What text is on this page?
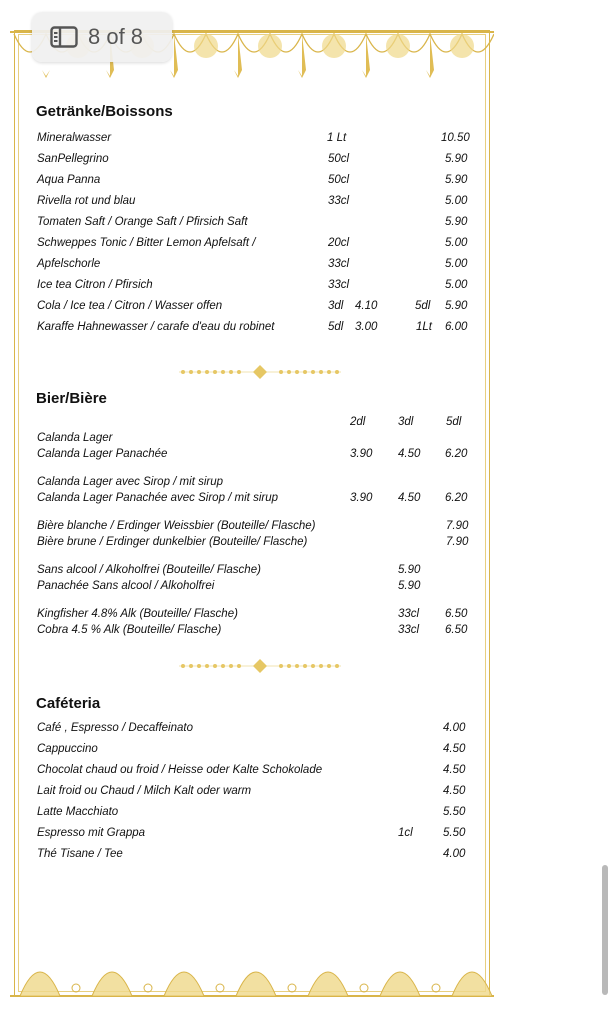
8 of 8
Getränke/Boissons
Mineralwasser	1 Lt	10.50
SanPellegrino	50cl	5.90
Aqua Panna	50cl	5.90
Rivella rot und blau	33cl	5.00
Tomaten Saft / Orange Saft / Pfirsich Saft	5.90
Schweppes Tonic / Bitter Lemon Apfelsaft /	20cl	5.00
Apfelschorle	33cl	5.00
Ice tea Citron / Pfirsich	33cl	5.00
Cola / Ice tea / Citron / Wasser offen	3dl 4.10	5dl 5.90
Karaffe Hahnewasser / carafe d'eau du robinet	5dl 3.00	1Lt 6.00
Bier/Bière
2dl	3dl	5dl
Calanda Lager
Calanda Lager Panachée	3.90 4.50 6.20
Calanda Lager avec Sirop / mit sirup
Calanda Lager Panachée avec Sirop / mit sirup	3.90 4.50 6.20
Bière blanche / Erdinger Weissbier (Bouteille/ Flasche)	7.90
Bière brune / Erdinger dunkelbier (Bouteille/ Flasche)	7.90
Sans alcool / Alkoholfrei (Bouteille/ Flasche)	5.90
Panachée Sans alcool / Alkoholfrei	5.90
Kingfisher 4.8% Alk (Bouteille/ Flasche)	33cl 6.50
Cobra 4.5 % Alk (Bouteille/ Flasche)	33cl 6.50
Caféteria
Café , Espresso / Decaffeinato	4.00
Cappuccino	4.50
Chocolat chaud ou froid / Heisse oder Kalte Schokolade	4.50
Lait froid ou Chaud / Milch Kalt oder warm	4.50
Latte Macchiato	5.50
Espresso mit Grappa	1cl	5.50
Thé Tisane / Tee	4.00
